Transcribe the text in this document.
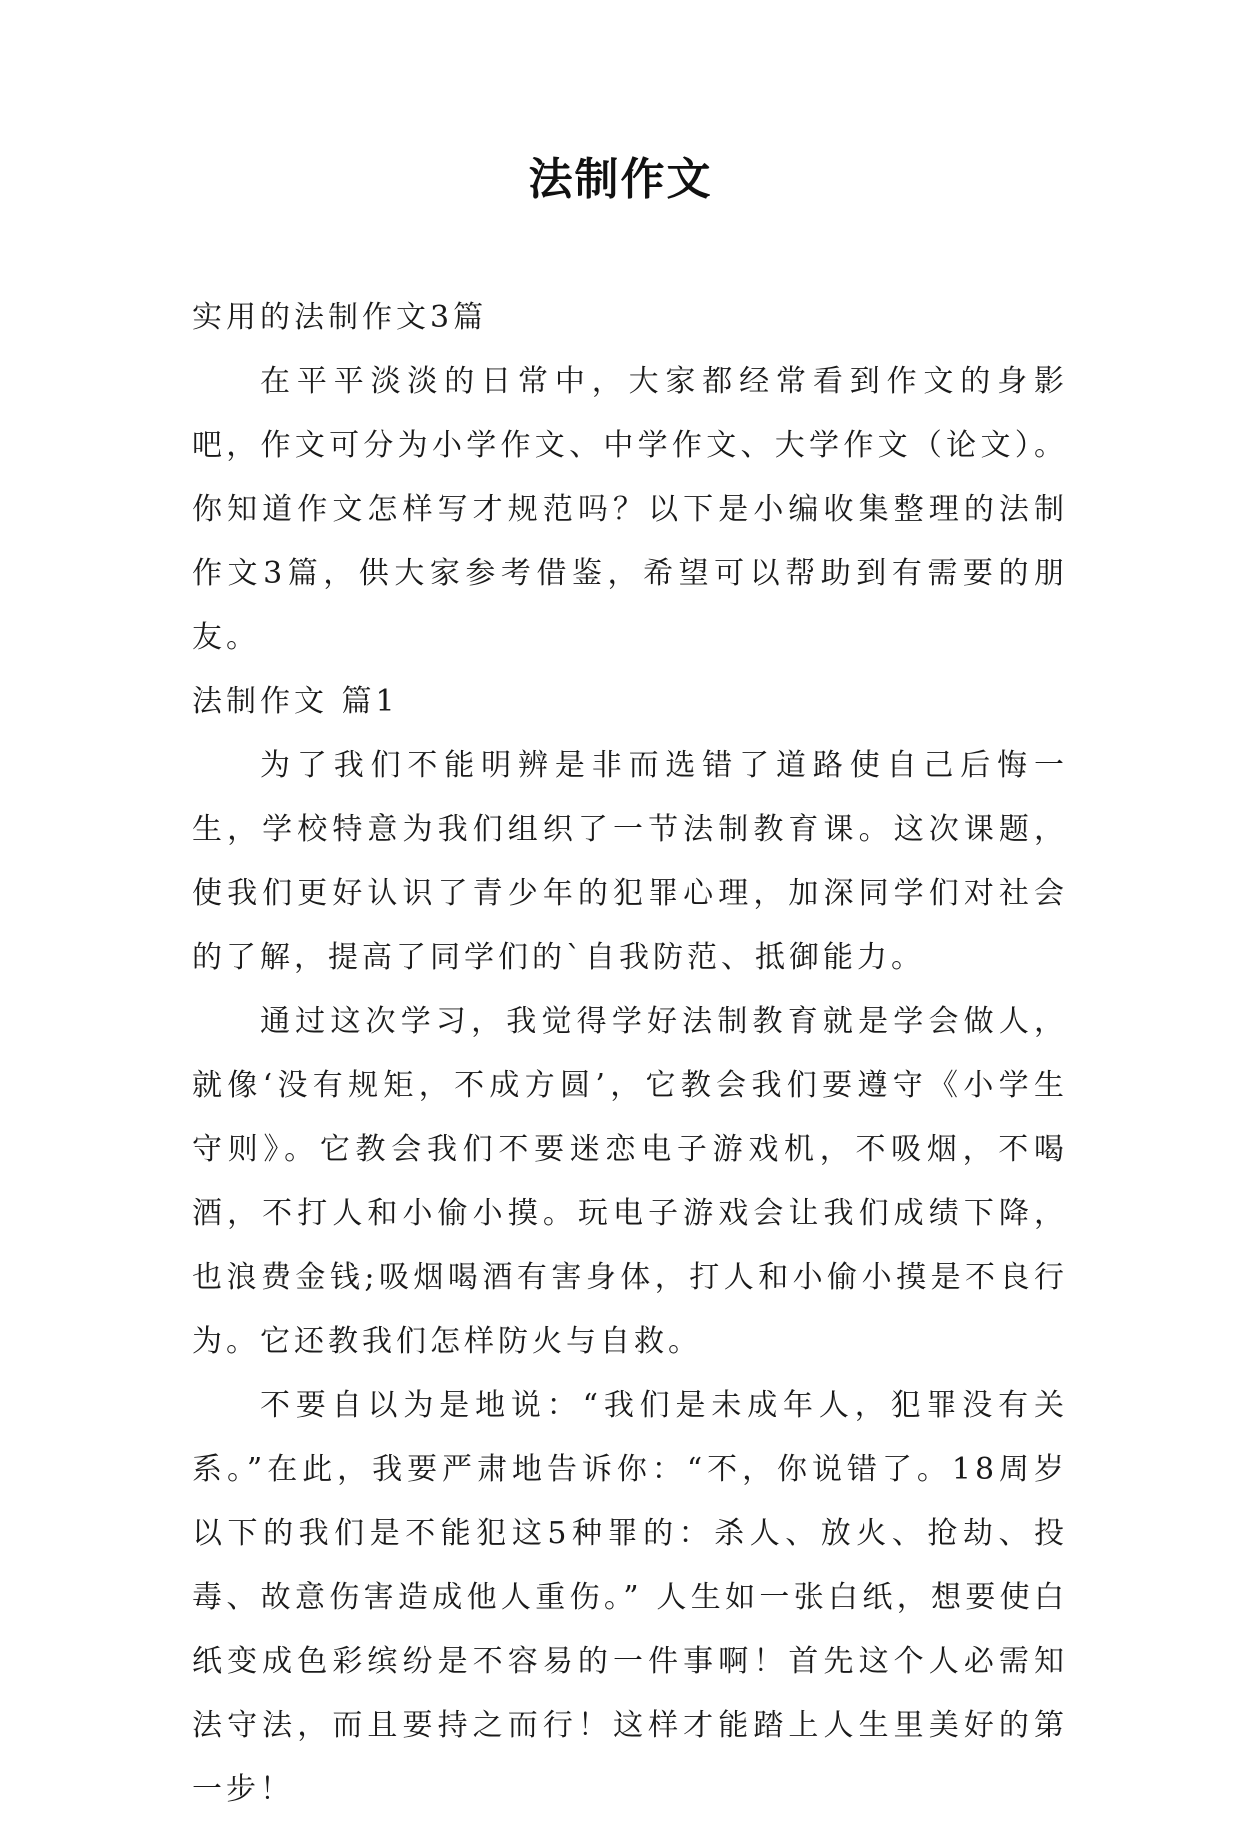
法制作文

实用的法制作文3篇

在平平淡淡的日常中，大家都经常看到作文的身影吧，作文可分为小学作文、中学作文、大学作文（论文）。你知道作文怎样写才规范吗？以下是小编收集整理的法制作文3篇，供大家参考借鉴，希望可以帮助到有需要的朋友。

法制作文 篇1

为了我们不能明辨是非而选错了道路使自己后悔一生，学校特意为我们组织了一节法制教育课。这次课题，使我们更好认识了青少年的犯罪心理，加深同学们对社会的了解，提高了同学们的`自我防范、抵御能力。

通过这次学习，我觉得学好法制教育就是学会做人，就像‘没有规矩，不成方圆’，它教会我们要遵守《小学生守则》。它教会我们不要迷恋电子游戏机，不吸烟，不喝酒，不打人和小偷小摸。玩电子游戏会让我们成绩下降，也浪费金钱;吸烟喝酒有害身体，打人和小偷小摸是不良行为。它还教我们怎样防火与自救。

不要自以为是地说：“我们是未成年人，犯罪没有关系。”在此，我要严肃地告诉你：“不，你说错了。18周岁以下的我们是不能犯这5种罪的：杀人、放火、抢劫、投毒、故意伤害造成他人重伤。” 人生如一张白纸，想要使白纸变成色彩缤纷是不容易的一件事啊！首先这个人必需知法守法，而且要持之而行！这样才能踏上人生里美好的第一步！
